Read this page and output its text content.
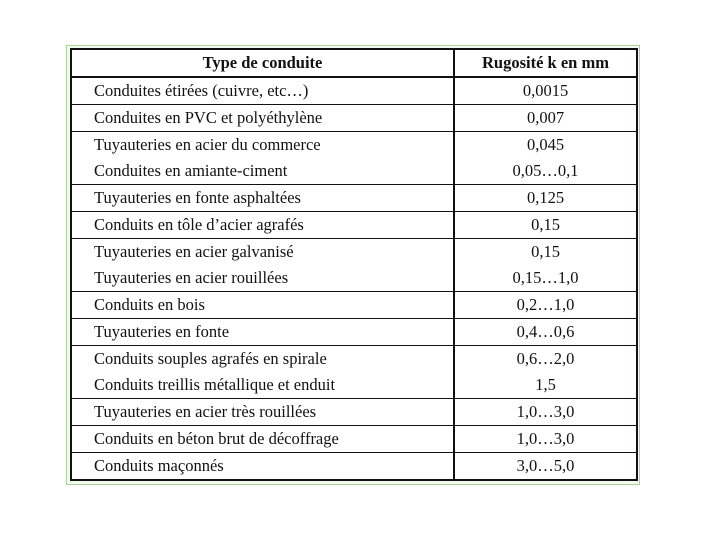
Type de conduite	Rugosité k en mm
Conduites étirées (cuivre, etc…)	0,0015
Conduites en PVC et polyéthylène	0,007
Tuyauteries en acier du commerce	0,045
Conduites en amiante-ciment	0,05…0,1
Tuyauteries en fonte asphaltées	0,125
Conduits en tôle d’acier agrafés	0,15
Tuyauteries en acier galvanisé	0,15
Tuyauteries en acier rouillées	0,15…1,0
Conduits en bois	0,2…1,0
Tuyauteries en fonte	0,4…0,6
Conduits souples agrafés en spirale	0,6…2,0
Conduits treillis métallique et enduit	1,5
Tuyauteries en acier très rouillées	1,0…3,0
Conduits en béton brut de décoffrage	1,0…3,0
Conduits maçonnés	3,0…5,0
